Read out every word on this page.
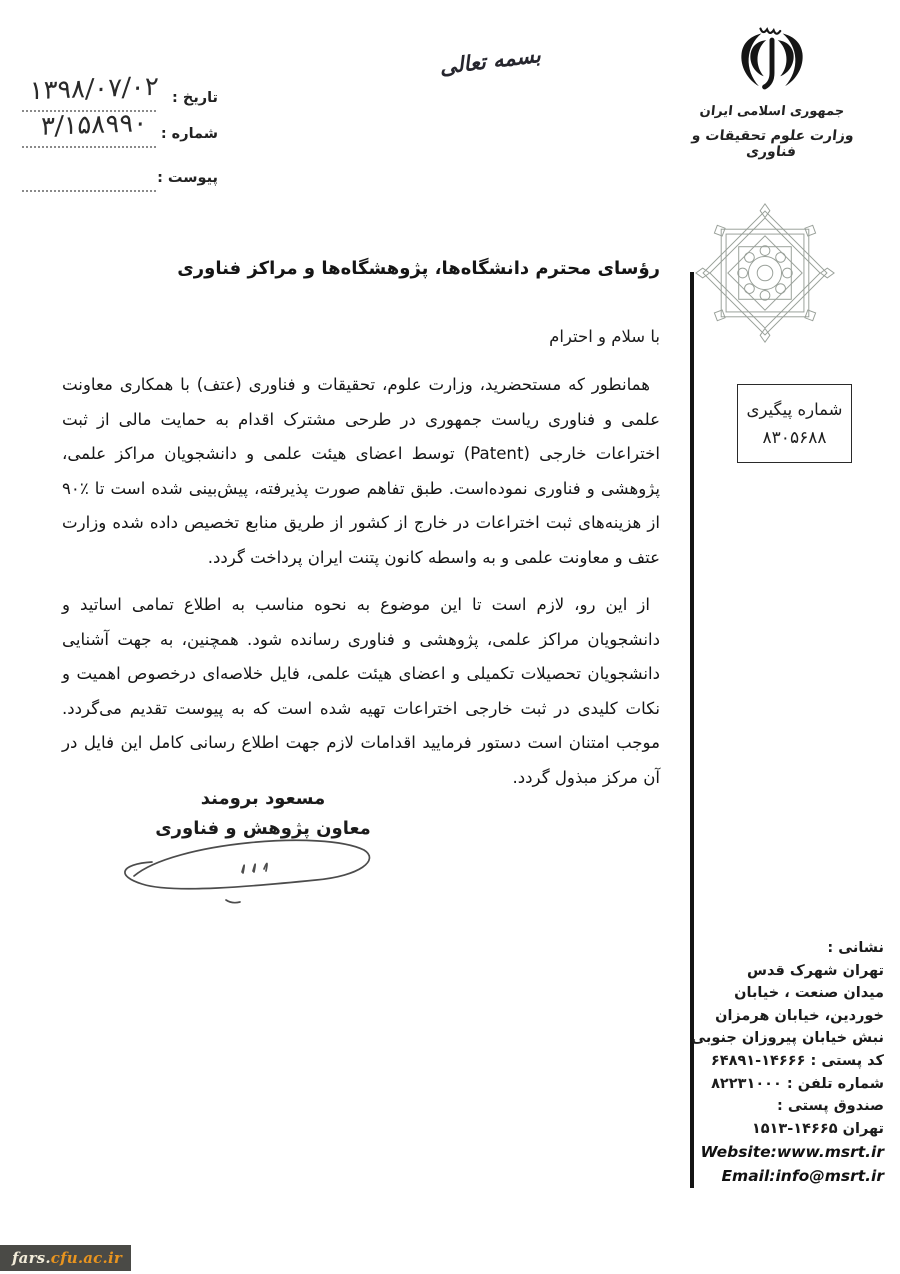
تاریخ :
۱۳۹۸/۰۷/۰۲
شماره :
۳/۱۵۸۹۹۰
پیوست :
بسمه تعالی
جمهوری اسلامی ایران
وزارت علوم تحقیقات و فناوری
شماره پیگیری
۸۳۰۵۶۸۸
رؤسای محترم دانشگاه‌ها، پژوهشگاه‌ها و مراکز فناوری
با سلام و احترام

همانطور که مستحضرید، وزارت علوم، تحقیقات و فناوری (عتف) با همکاری معاونت علمی و فناوری ریاست جمهوری در طرحی مشترک اقدام به حمایت مالی از ثبت اختراعات خارجی (Patent) توسط اعضای هیئت علمی و دانشجویان مراکز علمی، پژوهشی و فناوری نموده‌است. طبق تفاهم صورت پذیرفته، پیش‌بینی شده است تا ٪۹۰ از هزینه‌های ثبت اختراعات در خارج از کشور از طریق منابع تخصیص داده شده وزارت عتف و معاونت علمی و به واسطه کانون پتنت ایران پرداخت گردد.

از این رو، لازم است تا این موضوع به نحوه مناسب به اطلاع تمامی اساتید و دانشجویان مراکز علمی، پژوهشی و فناوری رسانده شود. همچنین، به جهت آشنایی دانشجویان تحصیلات تکمیلی و اعضای هیئت علمی، فایل خلاصه‌ای درخصوص اهمیت و نکات کلیدی در ثبت خارجی اختراعات تهیه شده است که به پیوست تقدیم می‌گردد. موجب امتنان است دستور فرمایید اقدامات لازم جهت اطلاع رسانی کامل این فایل در آن مرکز مبذول گردد.

مسعود برومند
معاون پژوهش و فناوری
نشانی :
تهران شهرک قدس
میدان صنعت ، خیابان
خوردین، خیابان هرمزان
نبش خیابان پیروزان جنوبی
کد پستی : ۱۴۶۶۶-۶۴۸۹۱
شماره تلفن : ۸۲۲۳۱۰۰۰
صندوق پستی :
تهران ۱۴۶۶۵-۱۵۱۳
Website:www.msrt.ir
Email:info@msrt.ir
fars. cfu.ac.ir
